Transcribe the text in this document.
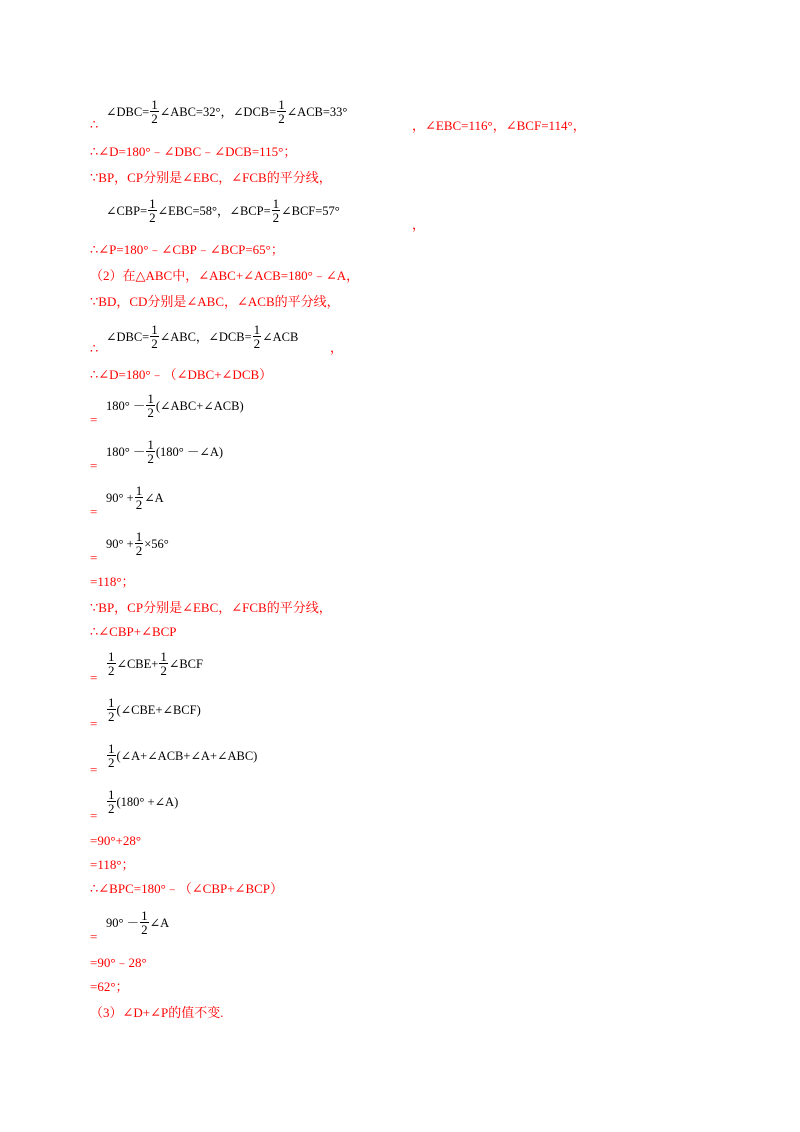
∠DBC= $\frac{1}{2}$ ∠ABC=32°，∠DCB= $\frac{1}{2}$ ∠ACB=33°
∴	，∠EBC=116°，∠BCF=114°，
∴∠D=180°﹣∠DBC﹣∠DCB=115°；
∵BP，CP分别是∠EBC，∠FCB的平分线，
∠CBP= $\frac{1}{2}$ ∠EBC=58°，∠BCP= $\frac{1}{2}$ ∠BCF=57°
，
∴∠P=180°﹣∠CBP﹣∠BCP=65°；
（2）在△ABC中，∠ABC+∠ACB=180°﹣∠A，
∵BD，CD分别是∠ABC，∠ACB的平分线，
∠DBC= $\frac{1}{2}$ ∠ABC，∠DCB= $\frac{1}{2}$ ∠ACB
∴	，
∴∠D=180°﹣（∠DBC+∠DCB）
$180^\circ - \frac{1}{2}$ (∠ABC+∠ACB)
=
$180^\circ - \frac{1}{2} (180^\circ$ －∠A)
=
$90^\circ + \frac{1}{2}$ ∠A
=
$90^\circ + \frac{1}{2} \times 56^\circ$
=
=118°；
∵BP，CP分别是∠EBC，∠FCB的平分线，
∴∠CBP+∠BCP
$\frac{1}{2}$ ∠CBE+ $\frac{1}{2}$ ∠BCF
=
$\frac{1}{2}$ (∠CBE+∠BCF)
=
$\frac{1}{2}$ (∠A+∠ACB+∠A+∠ABC)
=
$\frac{1}{2} (180^\circ$ +∠A)
=
=90°+28°
=118°；
∴∠BPC=180°﹣（∠CBP+∠BCP）
$90^\circ - \frac{1}{2}$ ∠A
=
=90°﹣28°
=62°；
（3）∠D+∠P的值不变.
